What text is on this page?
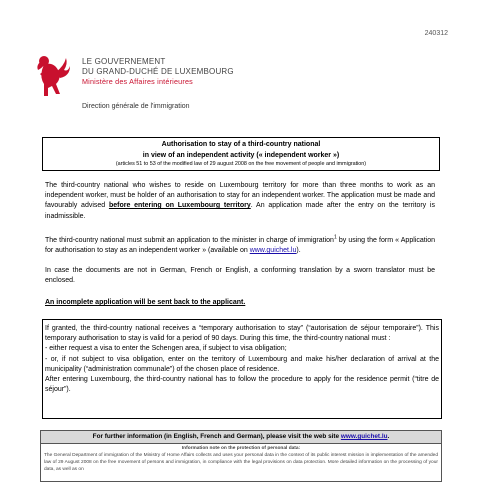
240312
LE GOUVERNEMENT
DU GRAND-DUCHÉ DE LUXEMBOURG
Ministère des Affaires intérieures
Direction générale de l'immigration
Authorisation to stay of a third-country national
in view of an independent activity (« independent worker »)
(articles 51 to 53 of the modified law of 29 august 2008 on the free movement of people and immigration)
The third-country national who wishes to reside on Luxembourg territory for more than three months to work as an independent worker, must be holder of an authorisation to stay for an independent worker. The application must be made and favourably advised before entering on Luxembourg territory. An application made after the entry on the territory is inadmissible.
The third-country national must submit an application to the minister in charge of immigration$^1$ by using the form « Application for authorisation to stay as an independent worker » (available on www.guichet.lu).
In case the documents are not in German, French or English, a conforming translation by a sworn translator must be enclosed.
An incomplete application will be sent back to the applicant.
If granted, the third-country national receives a “temporary authorisation to stay” (“autorisation de séjour temporaire”). This temporary authorisation to stay is valid for a period of 90 days. During this time, the third-country national must :
- either request a visa to enter the Schengen area, if subject to visa obligation;
- or, if not subject to visa obligation, enter on the territory of Luxembourg and make his/her declaration of arrival at the municipality (“administration communale”) of the chosen place of residence.
After entering Luxembourg, the third-country national has to follow the procedure to apply for the residence permit (“titre de séjour”).
For further information (in English, French and German), please visit the web site www.guichet.lu.
Information note on the protection of personal data:
The General Department of immigration of the Ministry of Home Affairs collects and uses your personal data in the context of its public interest mission in implementation of the amended law of 29 August 2008 on the free movement of persons and immigration, in compliance with the legal provisions on data protection. More detailed information on the processing of your data, as well as on
